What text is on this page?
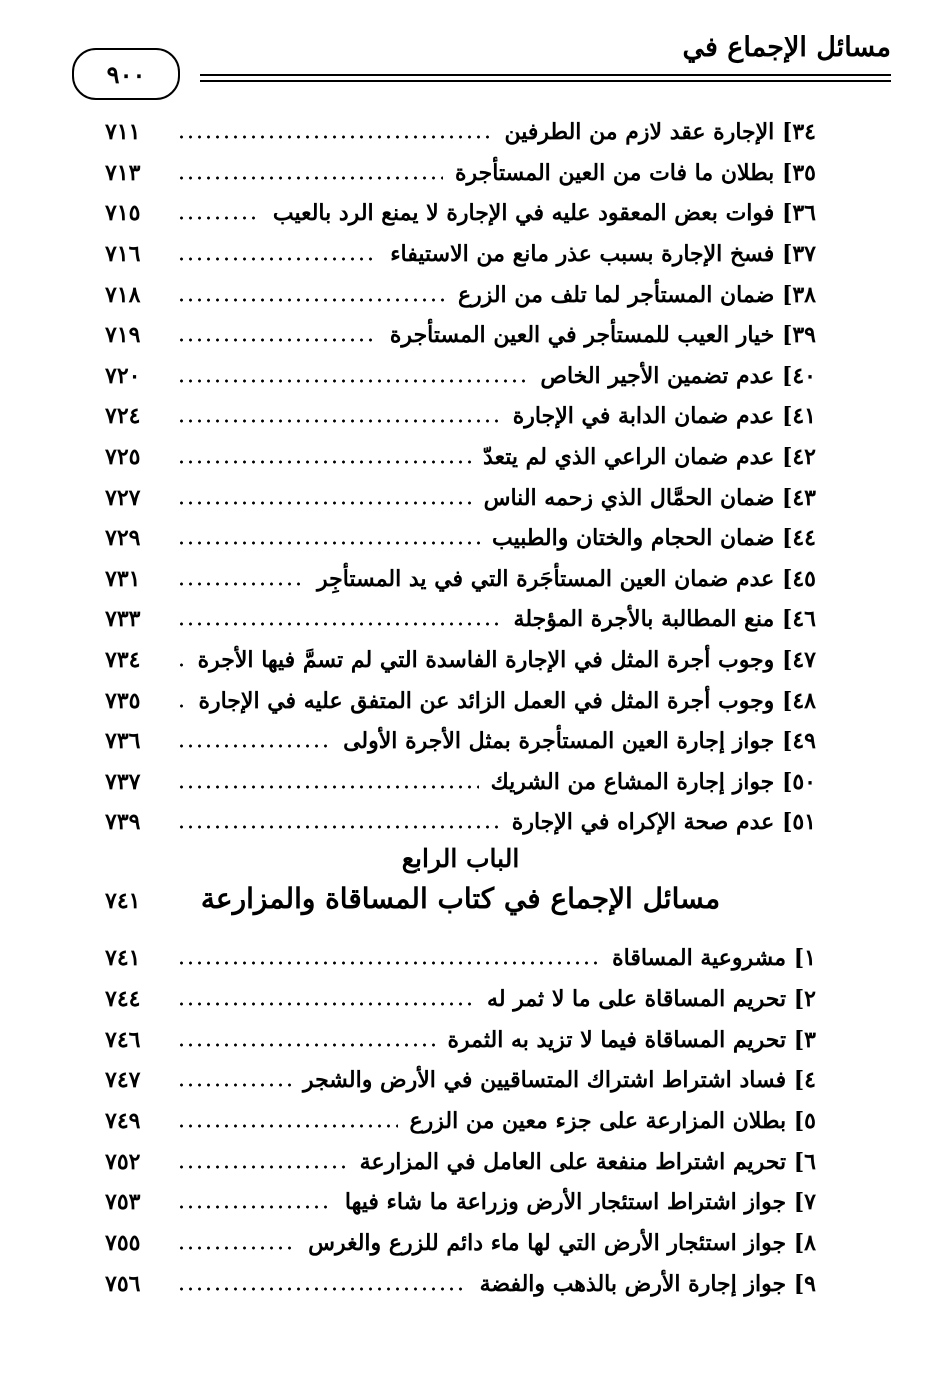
مسائل الإجماع في
٩٠٠
٣٤] الإجارة عقد لازم من الطرفين
٧١١
٣٥] بطلان ما فات من العين المستأجرة
٧١٣
٣٦] فوات بعض المعقود عليه في الإجارة لا يمنع الرد بالعيب
٧١٥
٣٧] فسخ الإجارة بسبب عذر مانع من الاستيفاء
٧١٦
٣٨] ضمان المستأجر لما تلف من الزرع
٧١٨
٣٩] خيار العيب للمستأجر في العين المستأجرة
٧١٩
٤٠] عدم تضمين الأجير الخاص
٧٢٠
٤١] عدم ضمان الدابة في الإجارة
٧٢٤
٤٢] عدم ضمان الراعي الذي لم يتعدّ
٧٢٥
٤٣] ضمان الحمَّال الذي زحمه الناس
٧٢٧
٤٤] ضمان الحجام والختان والطبيب
٧٢٩
٤٥] عدم ضمان العين المستأجَرة التي في يد المستأجِر
٧٣١
٤٦] منع المطالبة بالأجرة المؤجلة
٧٣٣
٤٧] وجوب أجرة المثل في الإجارة الفاسدة التي لم تسمَّ فيها الأجرة
٧٣٤
٤٨] وجوب أجرة المثل في العمل الزائد عن المتفق عليه في الإجارة
٧٣٥
٤٩] جواز إجارة العين المستأجرة بمثل الأجرة الأولى
٧٣٦
٥٠] جواز إجارة المشاع من الشريك
٧٣٧
٥١] عدم صحة الإكراه في الإجارة
٧٣٩
الباب الرابع
مسائل الإجماع في كتاب المساقاة والمزارعة
٧٤١
١] مشروعية المساقاة
٧٤١
٢] تحريم المساقاة على ما لا ثمر له
٧٤٤
٣] تحريم المساقاة فيما لا تزيد به الثمرة
٧٤٦
٤] فساد اشتراط اشتراك المتساقيين في الأرض والشجر
٧٤٧
٥] بطلان المزارعة على جزء معين من الزرع
٧٤٩
٦] تحريم اشتراط منفعة على العامل في المزارعة
٧٥٢
٧] جواز اشتراط استئجار الأرض وزراعة ما شاء فيها
٧٥٣
٨] جواز استئجار الأرض التي لها ماء دائم للزرع والغرس
٧٥٥
٩] جواز إجارة الأرض بالذهب والفضة
٧٥٦
